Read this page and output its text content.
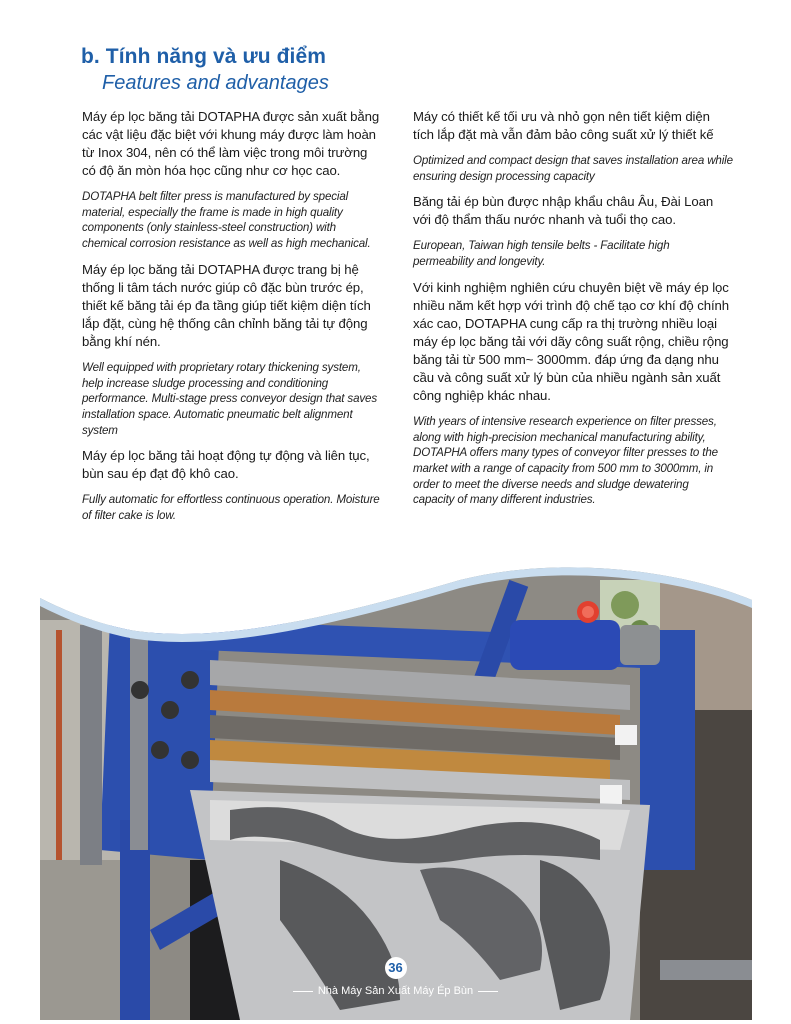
b. Tính năng và ưu điểm
Features and advantages

Máy ép lọc băng tải DOTAPHA được sản xuất bằng các vật liệu đặc biệt với khung máy được làm hoàn từ Inox 304, nên có thể làm việc trong môi trường có độ ăn mòn hóa học cũng như cơ học cao.

DOTAPHA belt filter press is manufactured by special material, especially the frame is made in high quality components (only stainless-steel construction) with chemical corrosion resistance as well as high mechanical.

Máy ép lọc băng tải DOTAPHA được trang bị hệ thống li tâm tách nước giúp cô đặc bùn trước ép, thiết kế băng tải ép đa tầng giúp tiết kiệm diện tích lắp đặt, cùng hệ thống cân chỉnh băng tải tự động bằng khí nén.

Well equipped with proprietary rotary thickening system, help increase sludge processing and conditioning performance. Multi-stage press conveyor design that saves installation space. Automatic pneumatic belt alignment system

Máy ép lọc băng tải hoạt động tự động và liên tục, bùn sau ép đạt độ khô cao.

Fully automatic for effortless continuous operation. Moisture of filter cake is low.

Máy có thiết kế tối ưu và nhỏ gọn nên tiết kiệm diện tích lắp đặt mà vẫn đảm bảo công suất xử lý thiết kế

Optimized and compact design that saves installation area while ensuring design processing capacity

Băng tải ép bùn được nhập khẩu châu Âu, Đài Loan với độ thẩm thấu nước nhanh và tuổi thọ cao.

European, Taiwan high tensile belts - Facilitate high permeability and longevity.

Với kinh nghiệm nghiên cứu chuyên biệt về máy ép lọc nhiều năm kết hợp với trình độ chế tạo cơ khí độ chính xác cao, DOTAPHA cung cấp ra thị trường nhiều loại máy ép lọc băng tải với dãy công suất rộng, chiều rộng băng tải từ 500 mm~ 3000mm. đáp ứng đa dạng nhu cầu và công suất xử lý bùn của nhiều ngành sản xuất công nghiệp khác nhau.

With years of intensive research experience on filter presses, along with high-precision mechanical manufacturing ability, DOTAPHA offers many types of conveyor filter presses to the market with a range of capacity from 500 mm to 3000mm, in order to meet the diverse needs and sludge dewatering capacity of many different industries.

36
Nhà Máy Sản Xuất Máy Ép Bùn
